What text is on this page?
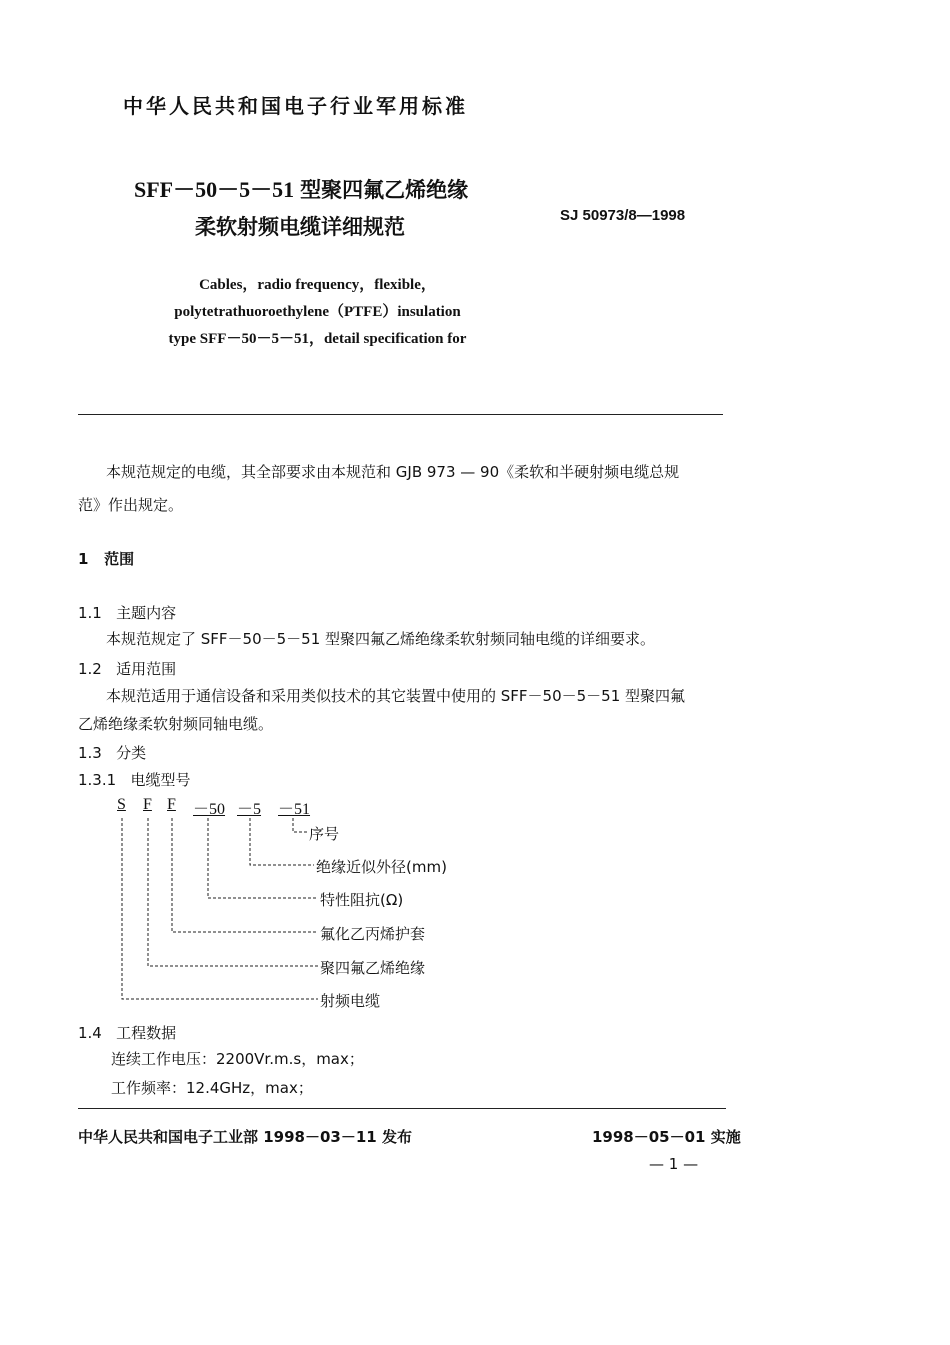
中华人民共和国电子行业军用标准
SFF－50－5－51 型聚四氟乙烯绝缘
柔软射频电缆详细规范	SJ 50973/8—1998
Cables，radio frequency，flexible，
polytetrathuoroethylene（PTFE）insulation
type SFF－50－5－51，detail specification for
本规范规定的电缆，其全部要求由本规范和 GJB 973 — 90《柔软和半硬射频电缆总规
范》作出规定。
1   范围
1.1   主题内容
本规范规定了 SFF－50－5－51 型聚四氟乙烯绝缘柔软射频同轴电缆的详细要求。
1.2   适用范围
本规范适用于通信设备和采用类似技术的其它装置中使用的 SFF－50－5－51 型聚四氟
乙烯绝缘柔软射频同轴电缆。
1.3   分类
1.3.1   电缆型号
S F F －50 －5 －51
序号
绝缘近似外径(mm)
特性阻抗(Ω)
氟化乙丙烯护套
聚四氟乙烯绝缘
射频电缆
1.4   工程数据
连续工作电压：2200Vr.m.s，max；
工作频率：12.4GHz，max；
中华人民共和国电子工业部 1998－03－11 发布	1998－05－01 实施
— 1 —
